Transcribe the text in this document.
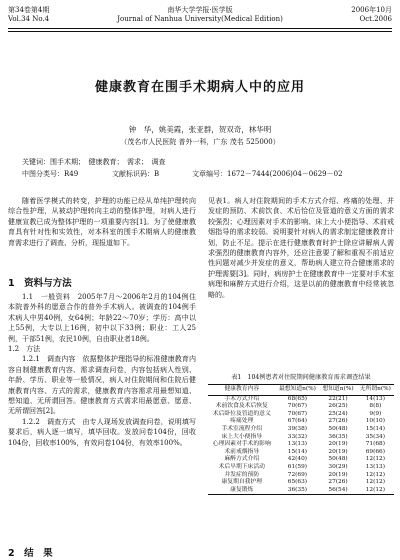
第34卷第4期
Vol.34 No.4
南华大学学报·医学版
Journal of Nanhua University(Medical Edition)
2006年10月
Oct.2006
健康教育在围手术期病人中的应用
钟　华，姚美霞，张亚群，贺双奇，林华明
（茂名市人民医院 普外一科，广东 茂名 525000）
关键词：围手术期；　健康教育；　需求；　调查
中图分类号：R49	文献标识码：B	文章编号：1672－7444(2006)04－0629－02

随着医学模式的转变，护理的功能已经从单纯护理转向综合性护理，从被动护理转向主动的整体护理，对病人进行健康宣教已成为整体护理的一项重要内容[1]。为了使健康教育具有针对性和实效性，对本科室的围手术期病人的健康教育需求进行了调查、分析，现报道如下。

1　资料与方法

1.1　一般资料　2005年7月～2006年2月的104例住本院普外科的愿意合作的普外手术病人。被调查的104例手术病人中男40例，女64例；年龄22～70岁；学历：高中以上55例，大专以上16例，初中以下33例；职业：工人25例，干部51例，农民10例，自由职业者18例。

1.2　方法

1.2.1　调查内容　依据整体护理指导的标准健康教育内容自制健康教育内容、需求调查问卷，内容包括病人性别、年龄、学历、职业等一般情况，病人对住院期间和住院后健康教育内容、方式的需求，健康教育内容需求用最想知道、想知道、无所谓回答。健康教育方式需求用最愿意、愿意、无所谓回答[2]。

1.2.2　调查方式　由专人现场发放调查问卷，说明填写要求后，病人逐一填写，填毕回收。发放问卷104份，回收104份，回收率100%，有效问卷104份，有效率100%。

2　结　果

见表1。病人对住院期间的手术方式介绍、疼痛的处理、并发症的预防、术前饮食、术后恰位及管道的意义方面的需求较强烈；心理因素对手术的影响、床上大小便指导、术前戒烟指导的需求较弱。说明要针对病人的需求制定健康教育计划，防止不足。提示在进行健康教育时护士除应讲解病人需求强烈的健康教育内容外，还应注意要了解和重视不前适应性问题对减少并发症的意义，帮助病人建立符合健康需求的护理需要[3]。同时，病房护士在健康教育中一定要对手术室病理和麻醉方式进行介绍，这是以前的健康教育中经常被忽略的。

表1　104例患者对住院期间健康教育需求调查结果
健康教育内容	最想知道n(%)	想知道n(%)	无所谓n(%)
手术方式介绍	68(65)	22(21)	14(13)
术前饮食及术后恢复	70(67)	26(25)	8(8)
术后卧位及管道的意义	70(67)	25(24)	9(9)
疼痛处理	67(64)	27(26)	10(10)
手术室流程介绍	39(38)	50(48)	15(14)
床上大小便指导	33(32)	36(35)	35(34)
心理因素对手术的影响	13(13)	20(19)	71(68)
术前戒烟指导	15(14)	20(19)	69(66)
麻醉方式介绍	42(40)	50(48)	12(12)
术后早期下床活动	61(59)	30(29)	13(13)
并发症的预防	72(69)	20(19)	12(12)
康复期自我护理	65(63)	27(26)	12(12)
康复锻炼	36(35)	56(54)	12(12)
